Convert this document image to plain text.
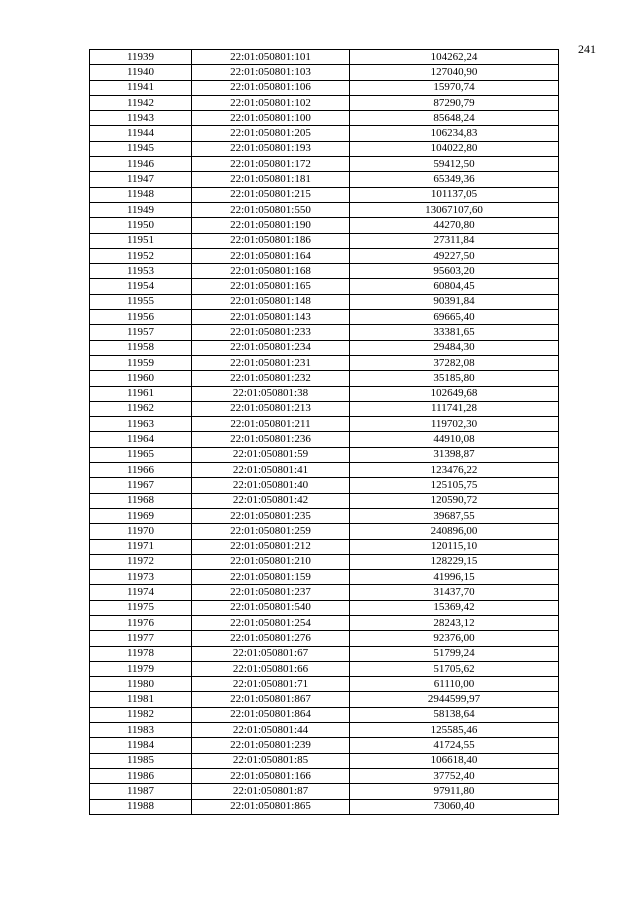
241
11939	22:01:050801:101	104262,24
11940	22:01:050801:103	127040,90
11941	22:01:050801:106	15970,74
11942	22:01:050801:102	87290,79
11943	22:01:050801:100	85648,24
11944	22:01:050801:205	106234,83
11945	22:01:050801:193	104022,80
11946	22:01:050801:172	59412,50
11947	22:01:050801:181	65349,36
11948	22:01:050801:215	101137,05
11949	22:01:050801:550	13067107,60
11950	22:01:050801:190	44270,80
11951	22:01:050801:186	27311,84
11952	22:01:050801:164	49227,50
11953	22:01:050801:168	95603,20
11954	22:01:050801:165	60804,45
11955	22:01:050801:148	90391,84
11956	22:01:050801:143	69665,40
11957	22:01:050801:233	33381,65
11958	22:01:050801:234	29484,30
11959	22:01:050801:231	37282,08
11960	22:01:050801:232	35185,80
11961	22:01:050801:38	102649,68
11962	22:01:050801:213	111741,28
11963	22:01:050801:211	119702,30
11964	22:01:050801:236	44910,08
11965	22:01:050801:59	31398,87
11966	22:01:050801:41	123476,22
11967	22:01:050801:40	125105,75
11968	22:01:050801:42	120590,72
11969	22:01:050801:235	39687,55
11970	22:01:050801:259	240896,00
11971	22:01:050801:212	120115,10
11972	22:01:050801:210	128229,15
11973	22:01:050801:159	41996,15
11974	22:01:050801:237	31437,70
11975	22:01:050801:540	15369,42
11976	22:01:050801:254	28243,12
11977	22:01:050801:276	92376,00
11978	22:01:050801:67	51799,24
11979	22:01:050801:66	51705,62
11980	22:01:050801:71	61110,00
11981	22:01:050801:867	2944599,97
11982	22:01:050801:864	58138,64
11983	22:01:050801:44	125585,46
11984	22:01:050801:239	41724,55
11985	22:01:050801:85	106618,40
11986	22:01:050801:166	37752,40
11987	22:01:050801:87	97911,80
11988	22:01:050801:865	73060,40
